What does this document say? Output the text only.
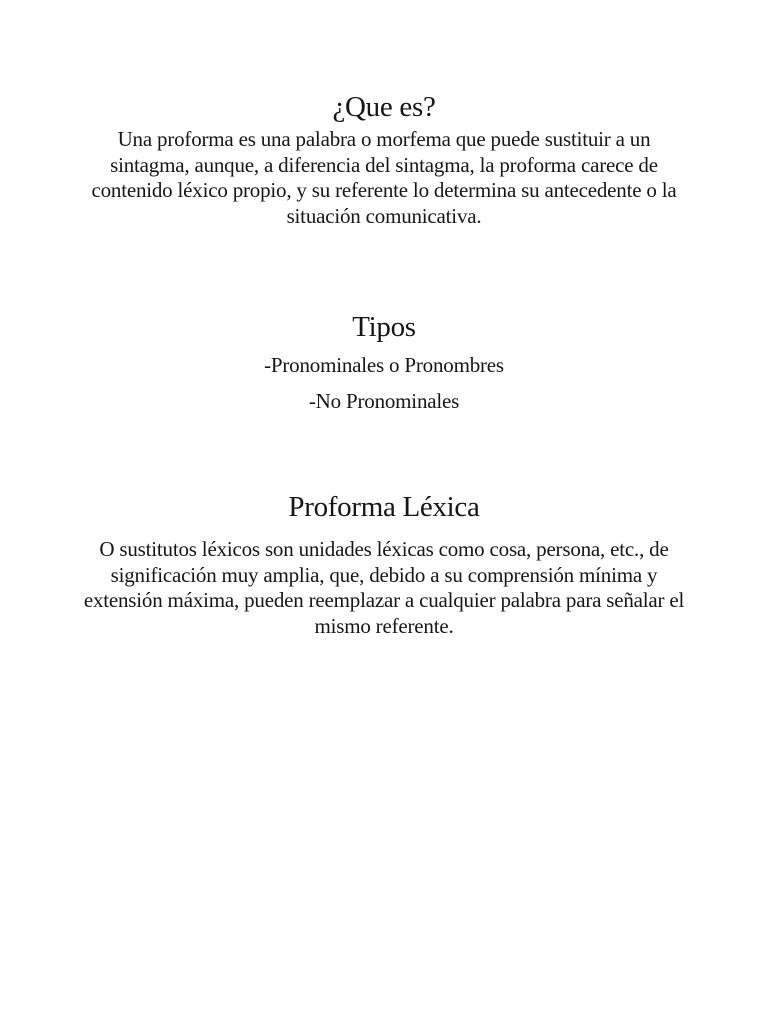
¿Que es?

Una proforma es una palabra o morfema que puede sustituir a un sintagma, aunque, a diferencia del sintagma, la proforma carece de contenido léxico propio, y su referente lo determina su antecedente o la situación comunicativa.

Tipos

-Pronominales o Pronombres

-No Pronominales

Proforma Léxica

O sustitutos léxicos son unidades léxicas como cosa, persona, etc., de significación muy amplia, que, debido a su comprensión mínima y extensión máxima, pueden reemplazar a cualquier palabra para señalar el mismo referente.
